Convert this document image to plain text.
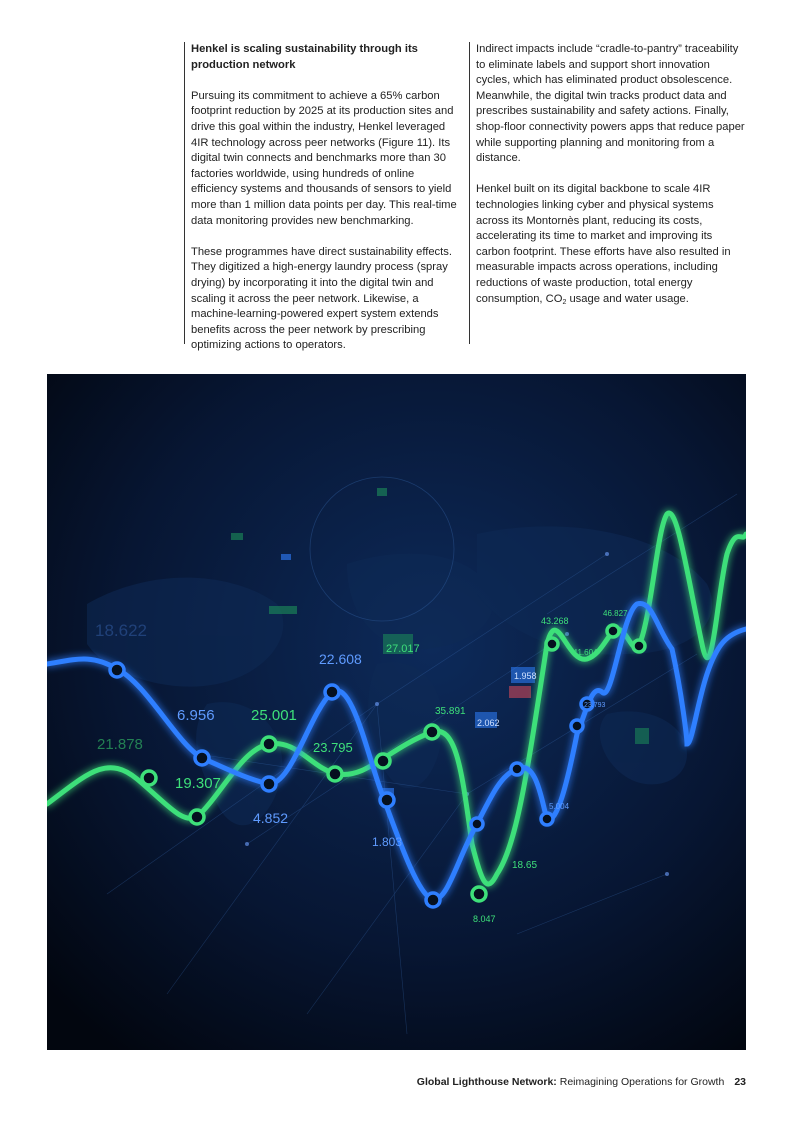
Henkel is scaling sustainability through its production network

Pursuing its commitment to achieve a 65% carbon footprint reduction by 2025 at its production sites and drive this goal within the industry, Henkel leveraged 4IR technology across peer networks (Figure 11). Its digital twin connects and benchmarks more than 30 factories worldwide, using hundreds of online efficiency systems and thousands of sensors to yield more than 1 million data points per day. This real-time data monitoring provides new benchmarking.

These programmes have direct sustainability effects. They digitized a high-energy laundry process (spray drying) by incorporating it into the digital twin and scaling it across the peer network. Likewise, a machine-learning-powered expert system extends benefits across the peer network by prescribing optimizing actions to operators.

Indirect impacts include “cradle-to-pantry” traceability to eliminate labels and support short innovation cycles, which has eliminated product obsolescence. Meanwhile, the digital twin tracks product data and prescribes sustainability and safety actions. Finally, shop-floor connectivity powers apps that reduce paper while supporting planning and monitoring from a distance.

Henkel built on its digital backbone to scale 4IR technologies linking cyber and physical systems across its Montornès plant, reducing its costs, accelerating its time to market and improving its carbon footprint. These efforts have also resulted in measurable impacts across operations, including reductions of waste production, total energy consumption, $CO_2$ usage and water usage.

18.622
6.956 25.001
22.608
27.017
21.878
19.307
4.852
23.795
35.891
1.803
8.047
18.65
5.004
43.268
41.604
46.827
23.793
2.062
1.958
Global Lighthouse Network: Reimagining Operations for Growth 23
